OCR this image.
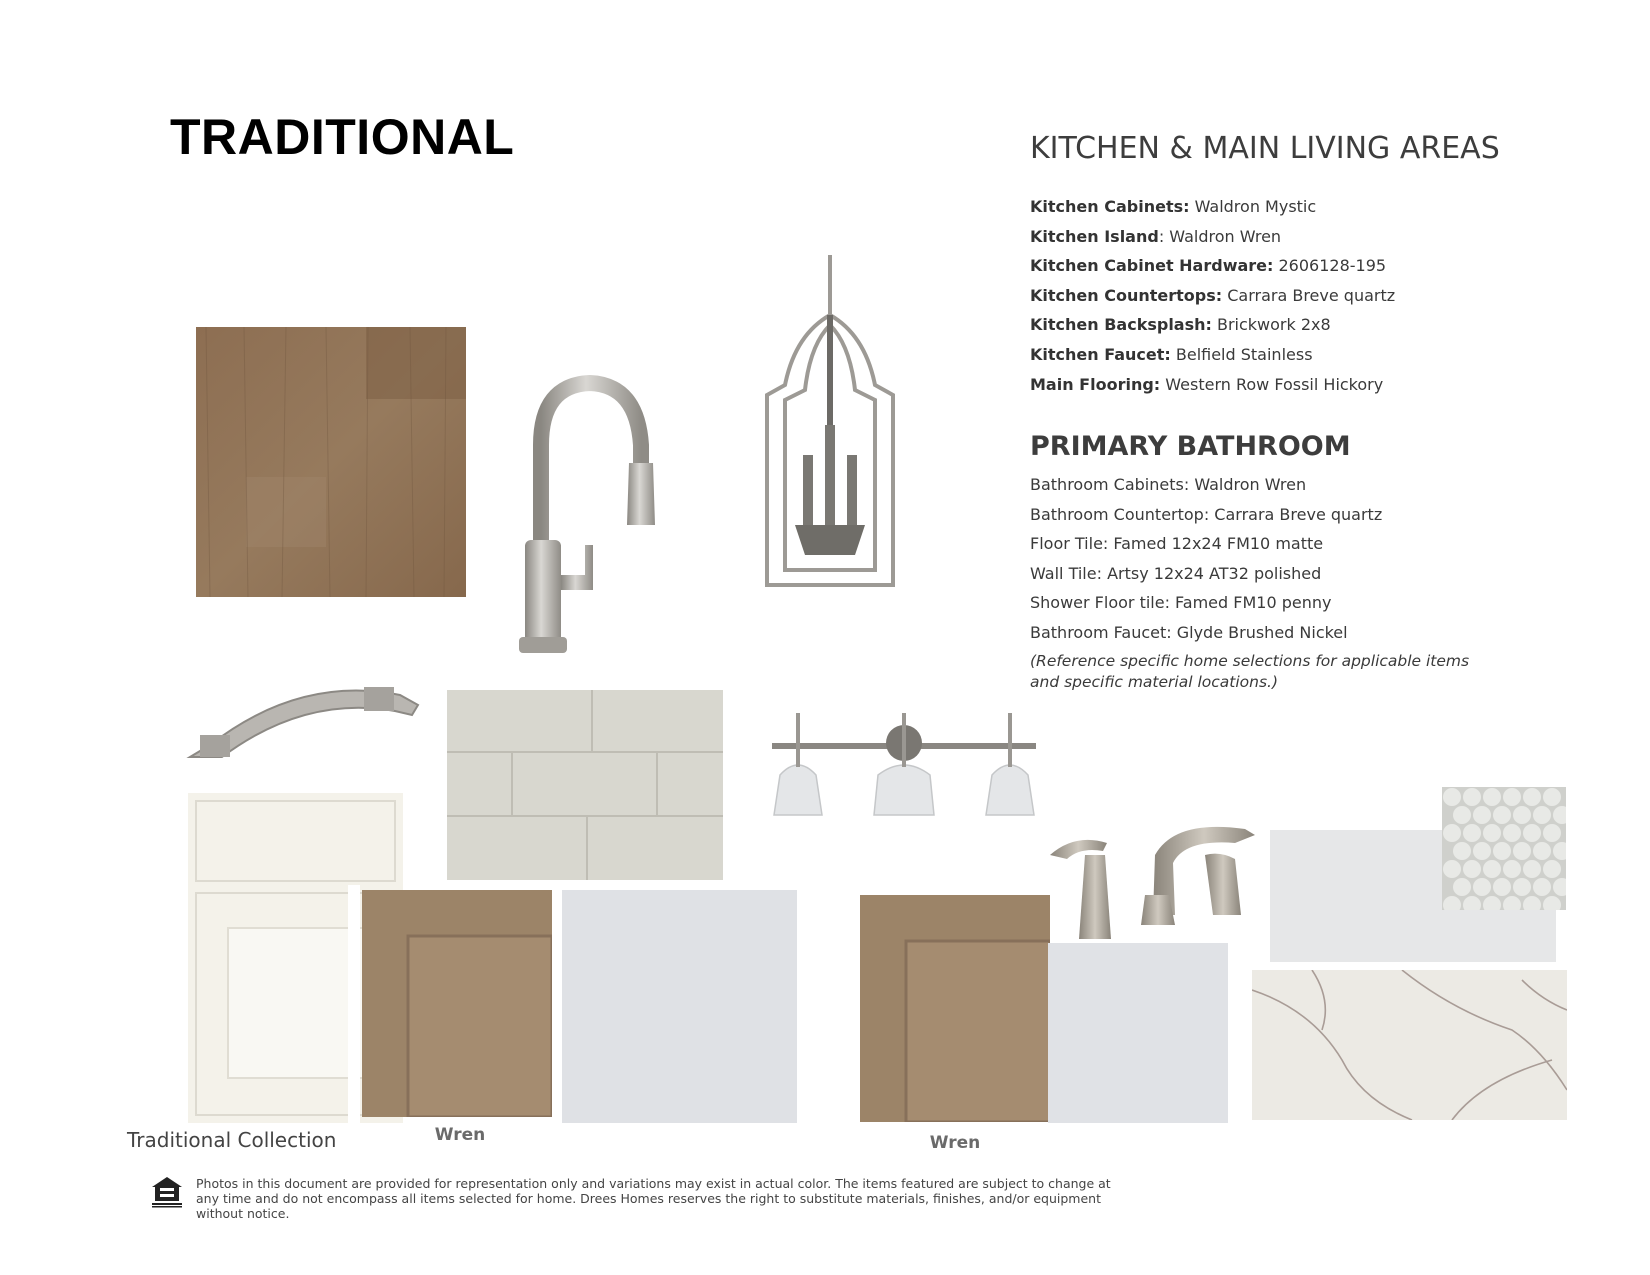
TRADITIONAL	KITCHEN & MAIN LIVING AREAS
Kitchen Cabinets: Waldron Mystic
Kitchen Island: Waldron Wren
Kitchen Cabinet Hardware: 2606128-195
Kitchen Countertops: Carrara Breve quartz
Kitchen Backsplash: Brickwork 2x8
Kitchen Faucet: Belfield Stainless
Main Flooring: Western Row Fossil Hickory
PRIMARY BATHROOM
Bathroom Cabinets: Waldron Wren
Bathroom Countertop: Carrara Breve quartz
Floor Tile: Famed 12x24 FM10 matte
Wall Tile: Artsy 12x24 AT32 polished
Shower Floor tile: Famed FM10 penny
Bathroom Faucet: Glyde Brushed Nickel

(Reference specific home selections for applicable items and specific material locations.)

Wren	Wren
Traditional Collection

Photos in this document are provided for representation only and variations may exist in actual color. The items featured are subject to change at any time and do not encompass all items selected for home. Drees Homes reserves the right to substitute materials, finishes, and/or equipment without notice.
